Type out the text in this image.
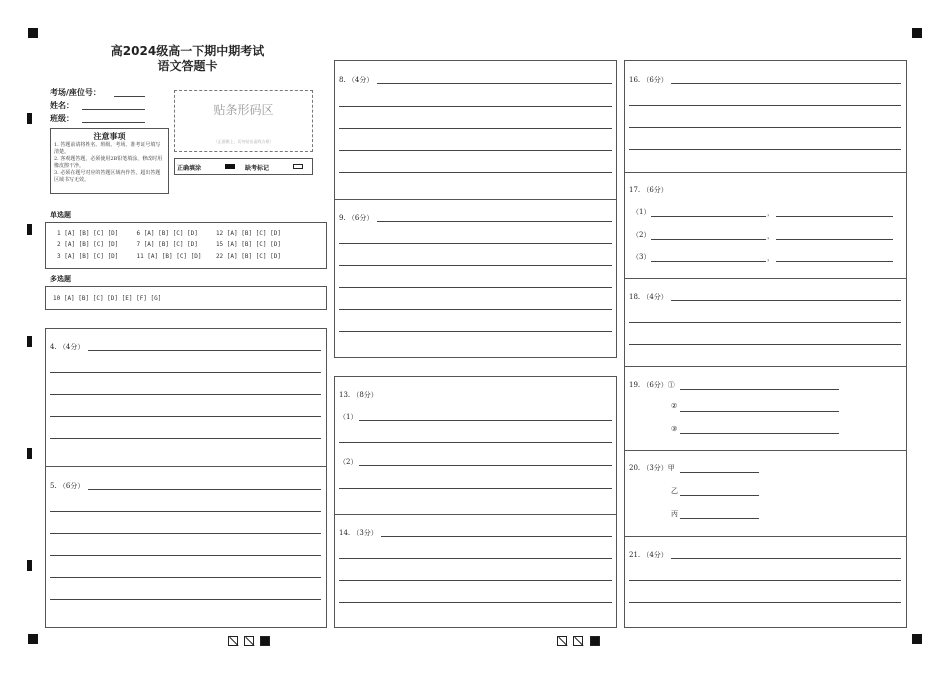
高2024级高一下期中期考试
语文答题卡
考场/座位号：
姓名：
班级：
注意事项
1. 答题前请将姓名、班级、考场、准考证号填写清楚。
2. 客观题答题，必须使用2B铅笔填涂，修改时用橡皮擦干净。
3. 必须在题号对应的答题区域内作答，超出答题区域书写无效。
贴条形码区
（正面朝上，切勿贴出虚线方框）
正确填涂	缺考标记
单选题
1 [A] [B] [C] [D]     6 [A] [B] [C] [D]     12 [A] [B] [C] [D]
2 [A] [B] [C] [D]     7 [A] [B] [C] [D]     15 [A] [B] [C] [D]
3 [A] [B] [C] [D]     11 [A] [B] [C] [D]    22 [A] [B] [C] [D]
多选题
10 [A] [B] [C] [D] [E] [F] [G]
4. （4分）
5. （6分）
8. （4分）
9. （6分）
13. （8分）
（1）
（2）
14. （3分）
16. （6分）
17. （6分）
（1）	，
（2）	，
（3）	，
18. （4分）
19. （6分）①
②
③
20. （3分）甲
乙
丙
21. （4分）
